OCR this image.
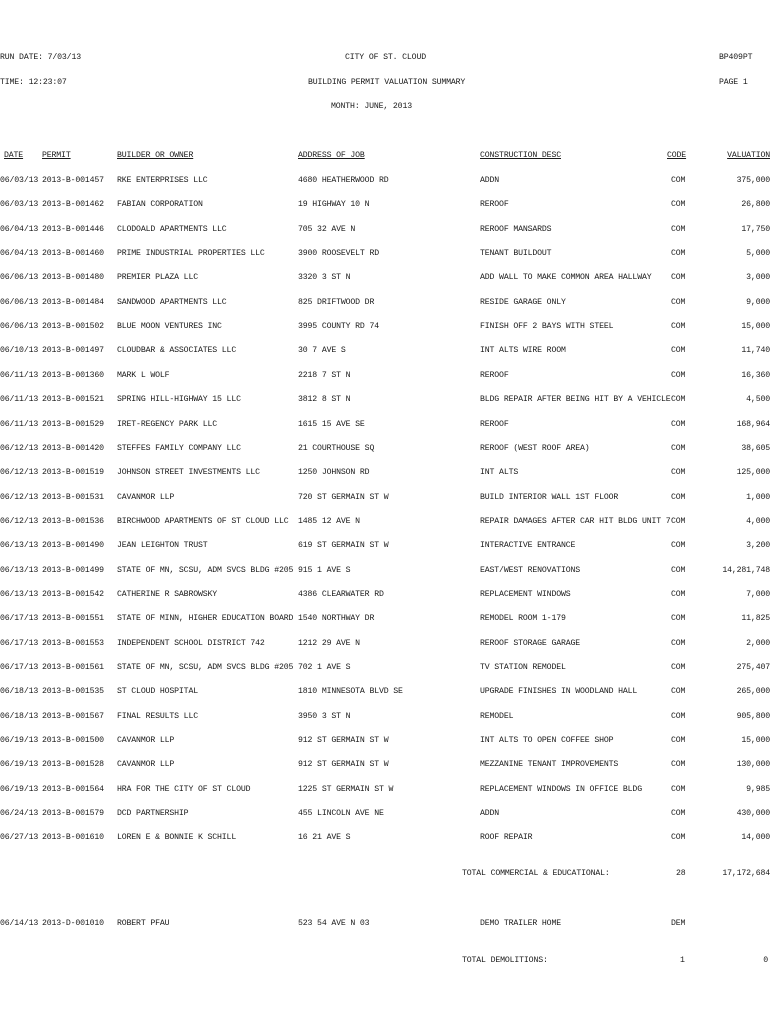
RUN DATE: 7/03/13
TIME: 12:23:07
CITY OF ST. CLOUD
BUILDING PERMIT VALUATION SUMMARY
MONTH: JUNE, 2013
BP409PT
PAGE 1
DATE PERMIT	BUILDER OR OWNER	ADDRESS OF JOB	CONSTRUCTION DESC	CODE	VALUATION
06/03/13 2013-B-001457 RKE ENTERPRISES LLC	4680 HEATHERWOOD RD	ADDN	COM	375,000
06/03/13 2013-B-001462 FABIAN CORPORATION	19 HIGHWAY 10 N	REROOF	COM	26,800
06/04/13 2013-B-001446 CLODOALD APARTMENTS LLC	705 32 AVE N	REROOF MANSARDS	COM	17,750
06/04/13 2013-B-001460 PRIME INDUSTRIAL PROPERTIES LLC	3900 ROOSEVELT RD	TENANT BUILDOUT	COM	5,000
06/06/13 2013-B-001480 PREMIER PLAZA LLC	3320 3 ST N	ADD WALL TO MAKE COMMON AREA HALLWAY COM	3,000
06/06/13 2013-B-001484 SANDWOOD APARTMENTS LLC	825 DRIFTWOOD DR	RESIDE GARAGE ONLY	COM	9,000
06/06/13 2013-B-001502 BLUE MOON VENTURES INC	3995 COUNTY RD 74	FINISH OFF 2 BAYS WITH STEEL	COM	15,000
06/10/13 2013-B-001497 CLOUDBAR & ASSOCIATES LLC	30 7 AVE S	INT ALTS WIRE ROOM	COM	11,740
06/11/13 2013-B-001360 MARK L WOLF	2218 7 ST N	REROOF	COM	16,360
06/11/13 2013-B-001521 SPRING HILL-HIGHWAY 15 LLC	3812 8 ST N	BLDG REPAIR AFTER BEING HIT BY A VEHICLE COM	4,500
06/11/13 2013-B-001529 IRET-REGENCY PARK LLC	1615 15 AVE SE	REROOF	COM	168,964
06/12/13 2013-B-001420 STEFFES FAMILY COMPANY LLC	21 COURTHOUSE SQ	REROOF (WEST ROOF AREA)	COM	38,605
06/12/13 2013-B-001519 JOHNSON STREET INVESTMENTS LLC	1250 JOHNSON RD	INT ALTS	COM	125,000
06/12/13 2013-B-001531 CAVANMOR LLP	720 ST GERMAIN ST W	BUILD INTERIOR WALL 1ST FLOOR	COM	1,000
06/12/13 2013-B-001536 BIRCHWOOD APARTMENTS OF ST CLOUD LLC 1485 12 AVE N	REPAIR DAMAGES AFTER CAR HIT BLDG UNIT 7 COM	4,000
06/13/13 2013-B-001490 JEAN LEIGHTON TRUST	619 ST GERMAIN ST W	INTERACTIVE ENTRANCE	COM	3,200
06/13/13 2013-B-001499 STATE OF MN, SCSU, ADM SVCS BLDG #205 915 1 AVE S	EAST/WEST RENOVATIONS	COM	14,281,748
06/13/13 2013-B-001542 CATHERINE R SABROWSKY	4386 CLEARWATER RD	REPLACEMENT WINDOWS	COM	7,000
06/17/13 2013-B-001551 STATE OF MINN, HIGHER EDUCATION BOARD 1540 NORTHWAY DR	REMODEL ROOM 1-179	COM	11,825
06/17/13 2013-B-001553 INDEPENDENT SCHOOL DISTRICT 742	1212 29 AVE N	REROOF STORAGE GARAGE	COM	2,000
06/17/13 2013-B-001561 STATE OF MN, SCSU, ADM SVCS BLDG #205 702 1 AVE S	TV STATION REMODEL	COM	275,407
06/18/13 2013-B-001535 ST CLOUD HOSPITAL	1810 MINNESOTA BLVD SE	UPGRADE FINISHES IN WOODLAND HALL	COM	265,000
06/18/13 2013-B-001567 FINAL RESULTS LLC	3950 3 ST N	REMODEL	COM	905,800
06/19/13 2013-B-001500 CAVANMOR LLP	912 ST GERMAIN ST W	INT ALTS TO OPEN COFFEE SHOP	COM	15,000
06/19/13 2013-B-001528 CAVANMOR LLP	912 ST GERMAIN ST W	MEZZANINE TENANT IMPROVEMENTS	COM	130,000
06/19/13 2013-B-001564 HRA FOR THE CITY OF ST CLOUD	1225 ST GERMAIN ST W	REPLACEMENT WINDOWS IN OFFICE BLDG	COM	9,985
06/24/13 2013-B-001579 DCD PARTNERSHIP	455 LINCOLN AVE NE	ADDN	COM	430,000
06/27/13 2013-B-001610 LOREN E & BONNIE K SCHILL	16 21 AVE S	ROOF REPAIR	COM	14,000
TOTAL COMMERCIAL & EDUCATIONAL:	28	17,172,684
06/14/13 2013-D-001010 ROBERT PFAU	523 54 AVE N 03	DEMO TRAILER HOME	DEM
TOTAL DEMOLITIONS:	1	0
